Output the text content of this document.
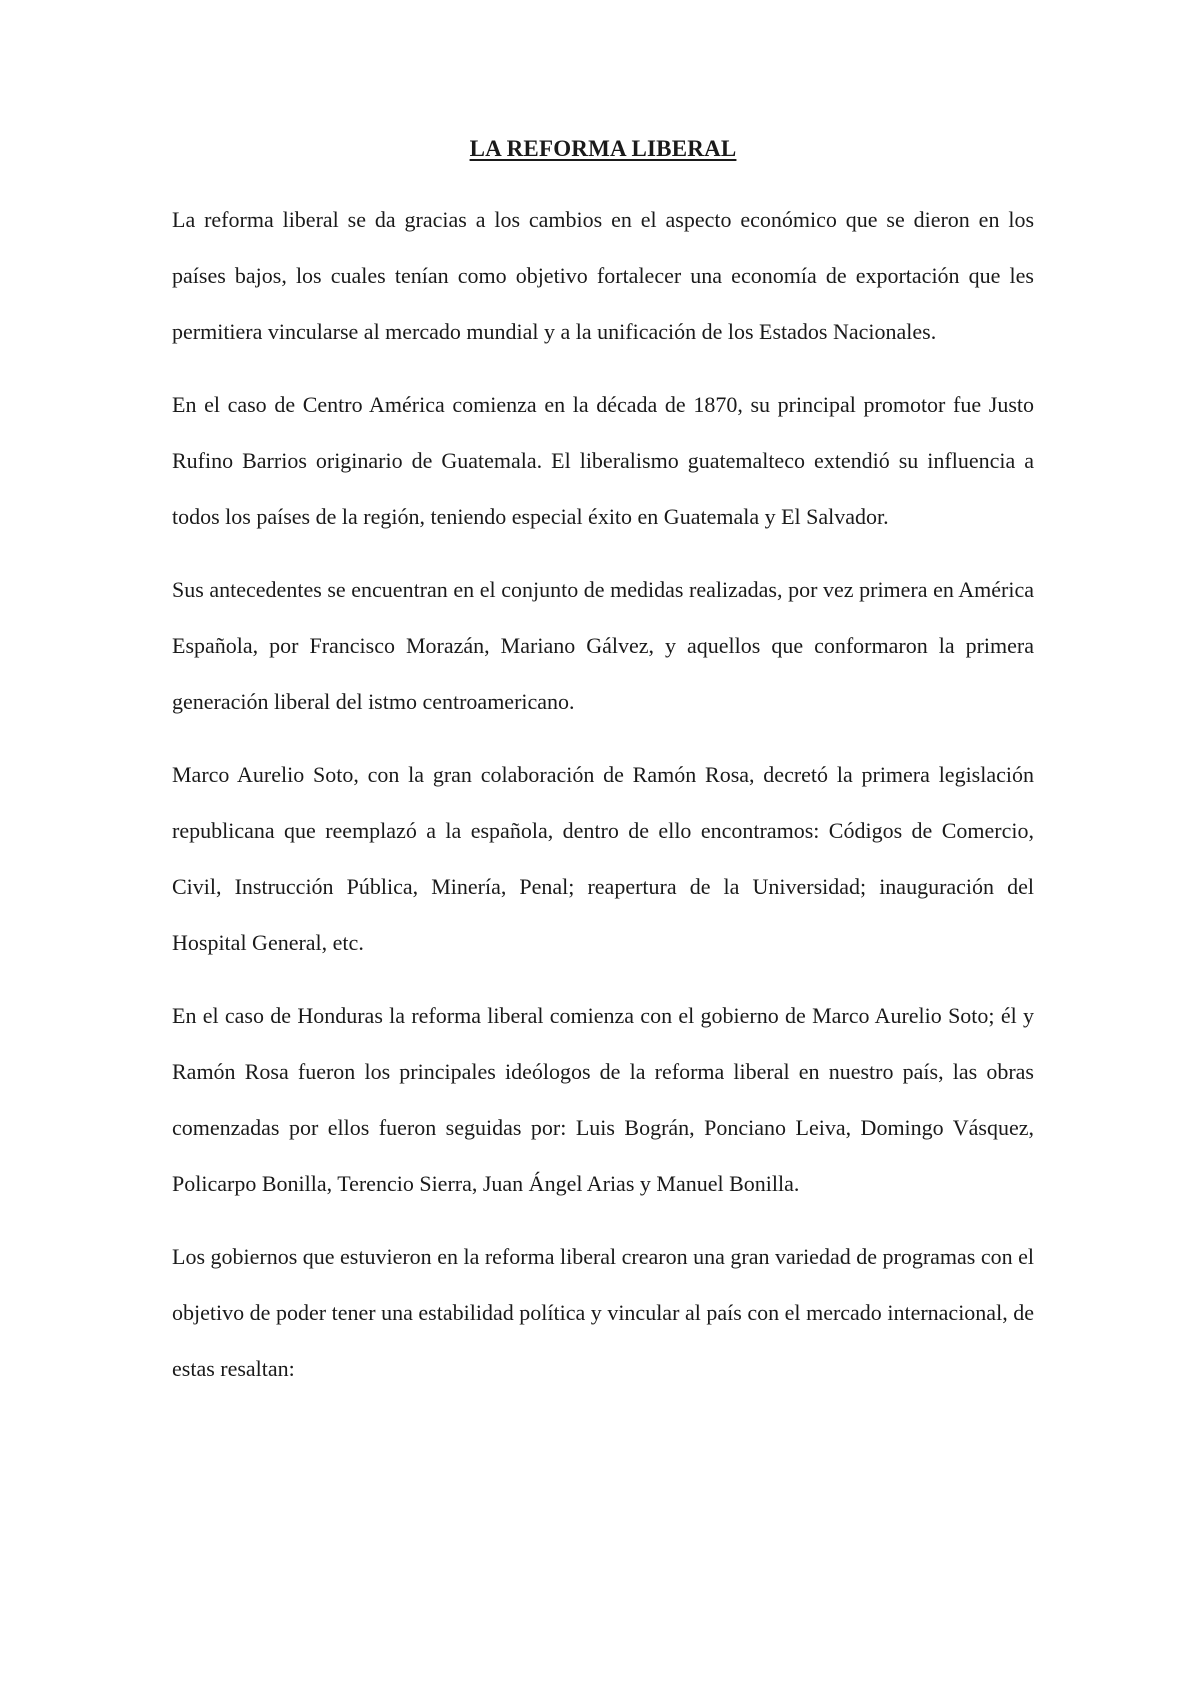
LA REFORMA LIBERAL

La reforma liberal se da gracias a los cambios en el aspecto económico que se dieron en los países bajos, los cuales tenían como objetivo fortalecer una economía de exportación que les permitiera vincularse al mercado mundial y a la unificación de los Estados Nacionales.

En el caso de Centro América comienza en la década de 1870, su principal promotor fue Justo Rufino Barrios originario de Guatemala. El liberalismo guatemalteco extendió su influencia a todos los países de la región, teniendo especial éxito en Guatemala y El Salvador.

Sus antecedentes se encuentran en el conjunto de medidas realizadas, por vez primera en América Española, por Francisco Morazán, Mariano Gálvez, y aquellos que conformaron la primera generación liberal del istmo centroamericano.

Marco Aurelio Soto, con la gran colaboración de Ramón Rosa, decretó la primera legislación republicana que reemplazó a la española, dentro de ello encontramos: Códigos de Comercio, Civil, Instrucción Pública, Minería, Penal; reapertura de la Universidad; inauguración del Hospital General, etc.

En el caso de Honduras la reforma liberal comienza con el gobierno de Marco Aurelio Soto; él y Ramón Rosa fueron los principales ideólogos de la reforma liberal en nuestro país, las obras comenzadas por ellos fueron seguidas por: Luis Bográn, Ponciano Leiva, Domingo Vásquez, Policarpo Bonilla, Terencio Sierra, Juan Ángel Arias y Manuel Bonilla.

Los gobiernos que estuvieron en la reforma liberal crearon una gran variedad de programas con el objetivo de poder tener una estabilidad política y vincular al país con el mercado internacional, de estas resaltan:
